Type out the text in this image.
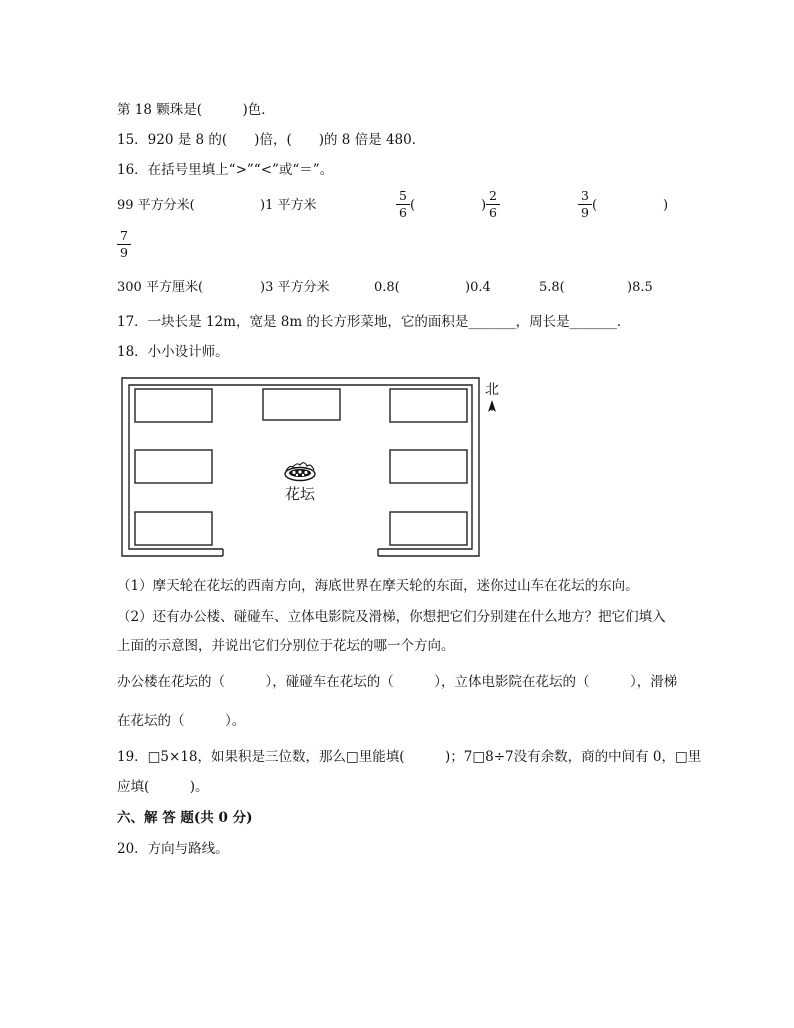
第 18 颗珠是(　　　)色．
15．920 是 8 的(　　)倍，(　　)的 8 倍是 480．
16．在括号里填上“>”“<”或“＝”。
99 平方分米(	)1 平方米	$\frac{5}{6}$ (	) $\frac{2}{6}$	$\frac{3}{9}$ (	)
$\frac{7}{9}$
300 平方厘米(	)3 平方分米	0.8(	)0.4	5.8(	)8.5
17．一块长是 12m，宽是 8m 的长方形菜地，它的面积是_______，周长是_______．
18．小小设计师。
花坛
北
（1）摩天轮在花坛的西南方向，海底世界在摩天轮的东面，迷你过山车在花坛的东向。
（2）还有办公楼、碰碰车、立体电影院及滑梯，你想把它们分别建在什么地方？把它们填入
上面的示意图，并说出它们分别位于花坛的哪一个方向。
办公楼在花坛的（　　　），碰碰车在花坛的（　　　），立体电影院在花坛的（　　　），滑梯
在花坛的（　　　）。
19．□5×18，如果积是三位数，那么□里能填(　　　)；7□8÷7没有余数，商的中间有 0，□里
应填(　　　)。
六、解 答 题(共 0 分)
20．方向与路线。
